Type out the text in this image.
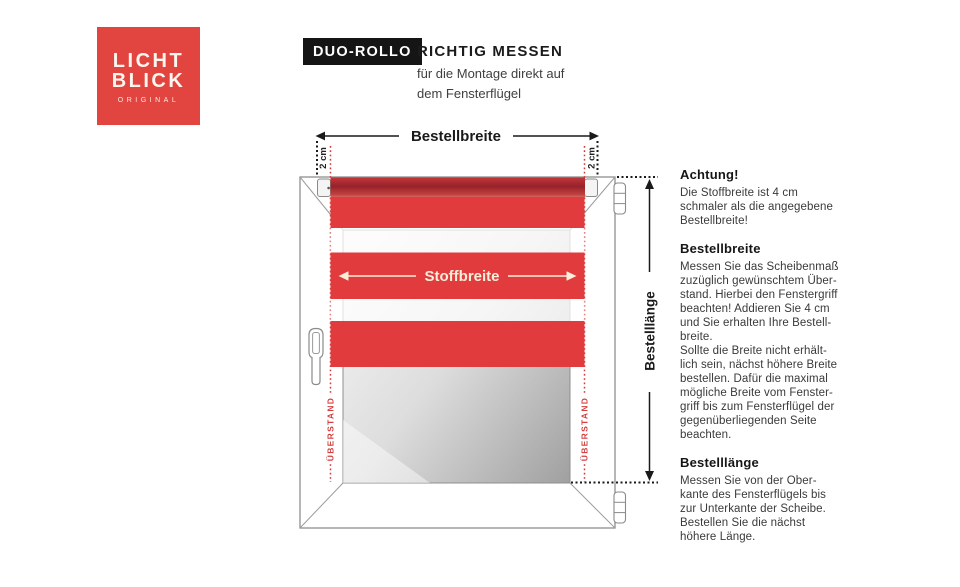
LICHT
BLICK
ORIGINAL
DUO-ROLLO RICHTIG MESSEN
für die Montage direkt auf
dem Fensterflügel
Stoffbreite
Bestellbreite
2 cm	2 cm
Bestelllänge
ÜBERSTAND	ÜBERSTAND
Achtung!
Die Stoffbreite ist 4 cm
schmaler als die angegebene
Bestellbreite!
Bestellbreite
Messen Sie das Scheibenmaß
zuzüglich gewünschtem Über-
stand. Hierbei den Fenstergriff
beachten! Addieren Sie 4 cm
und Sie erhalten Ihre Bestell-
breite.
Sollte die Breite nicht erhält-
lich sein, nächst höhere Breite
bestellen. Dafür die maximal
mögliche Breite vom Fenster-
griff bis zum Fensterflügel der
gegenüberliegenden Seite
beachten.
Bestelllänge
Messen Sie von der Ober-
kante des Fensterflügels bis
zur Unterkante der Scheibe.
Bestellen Sie die nächst
höhere Länge.
